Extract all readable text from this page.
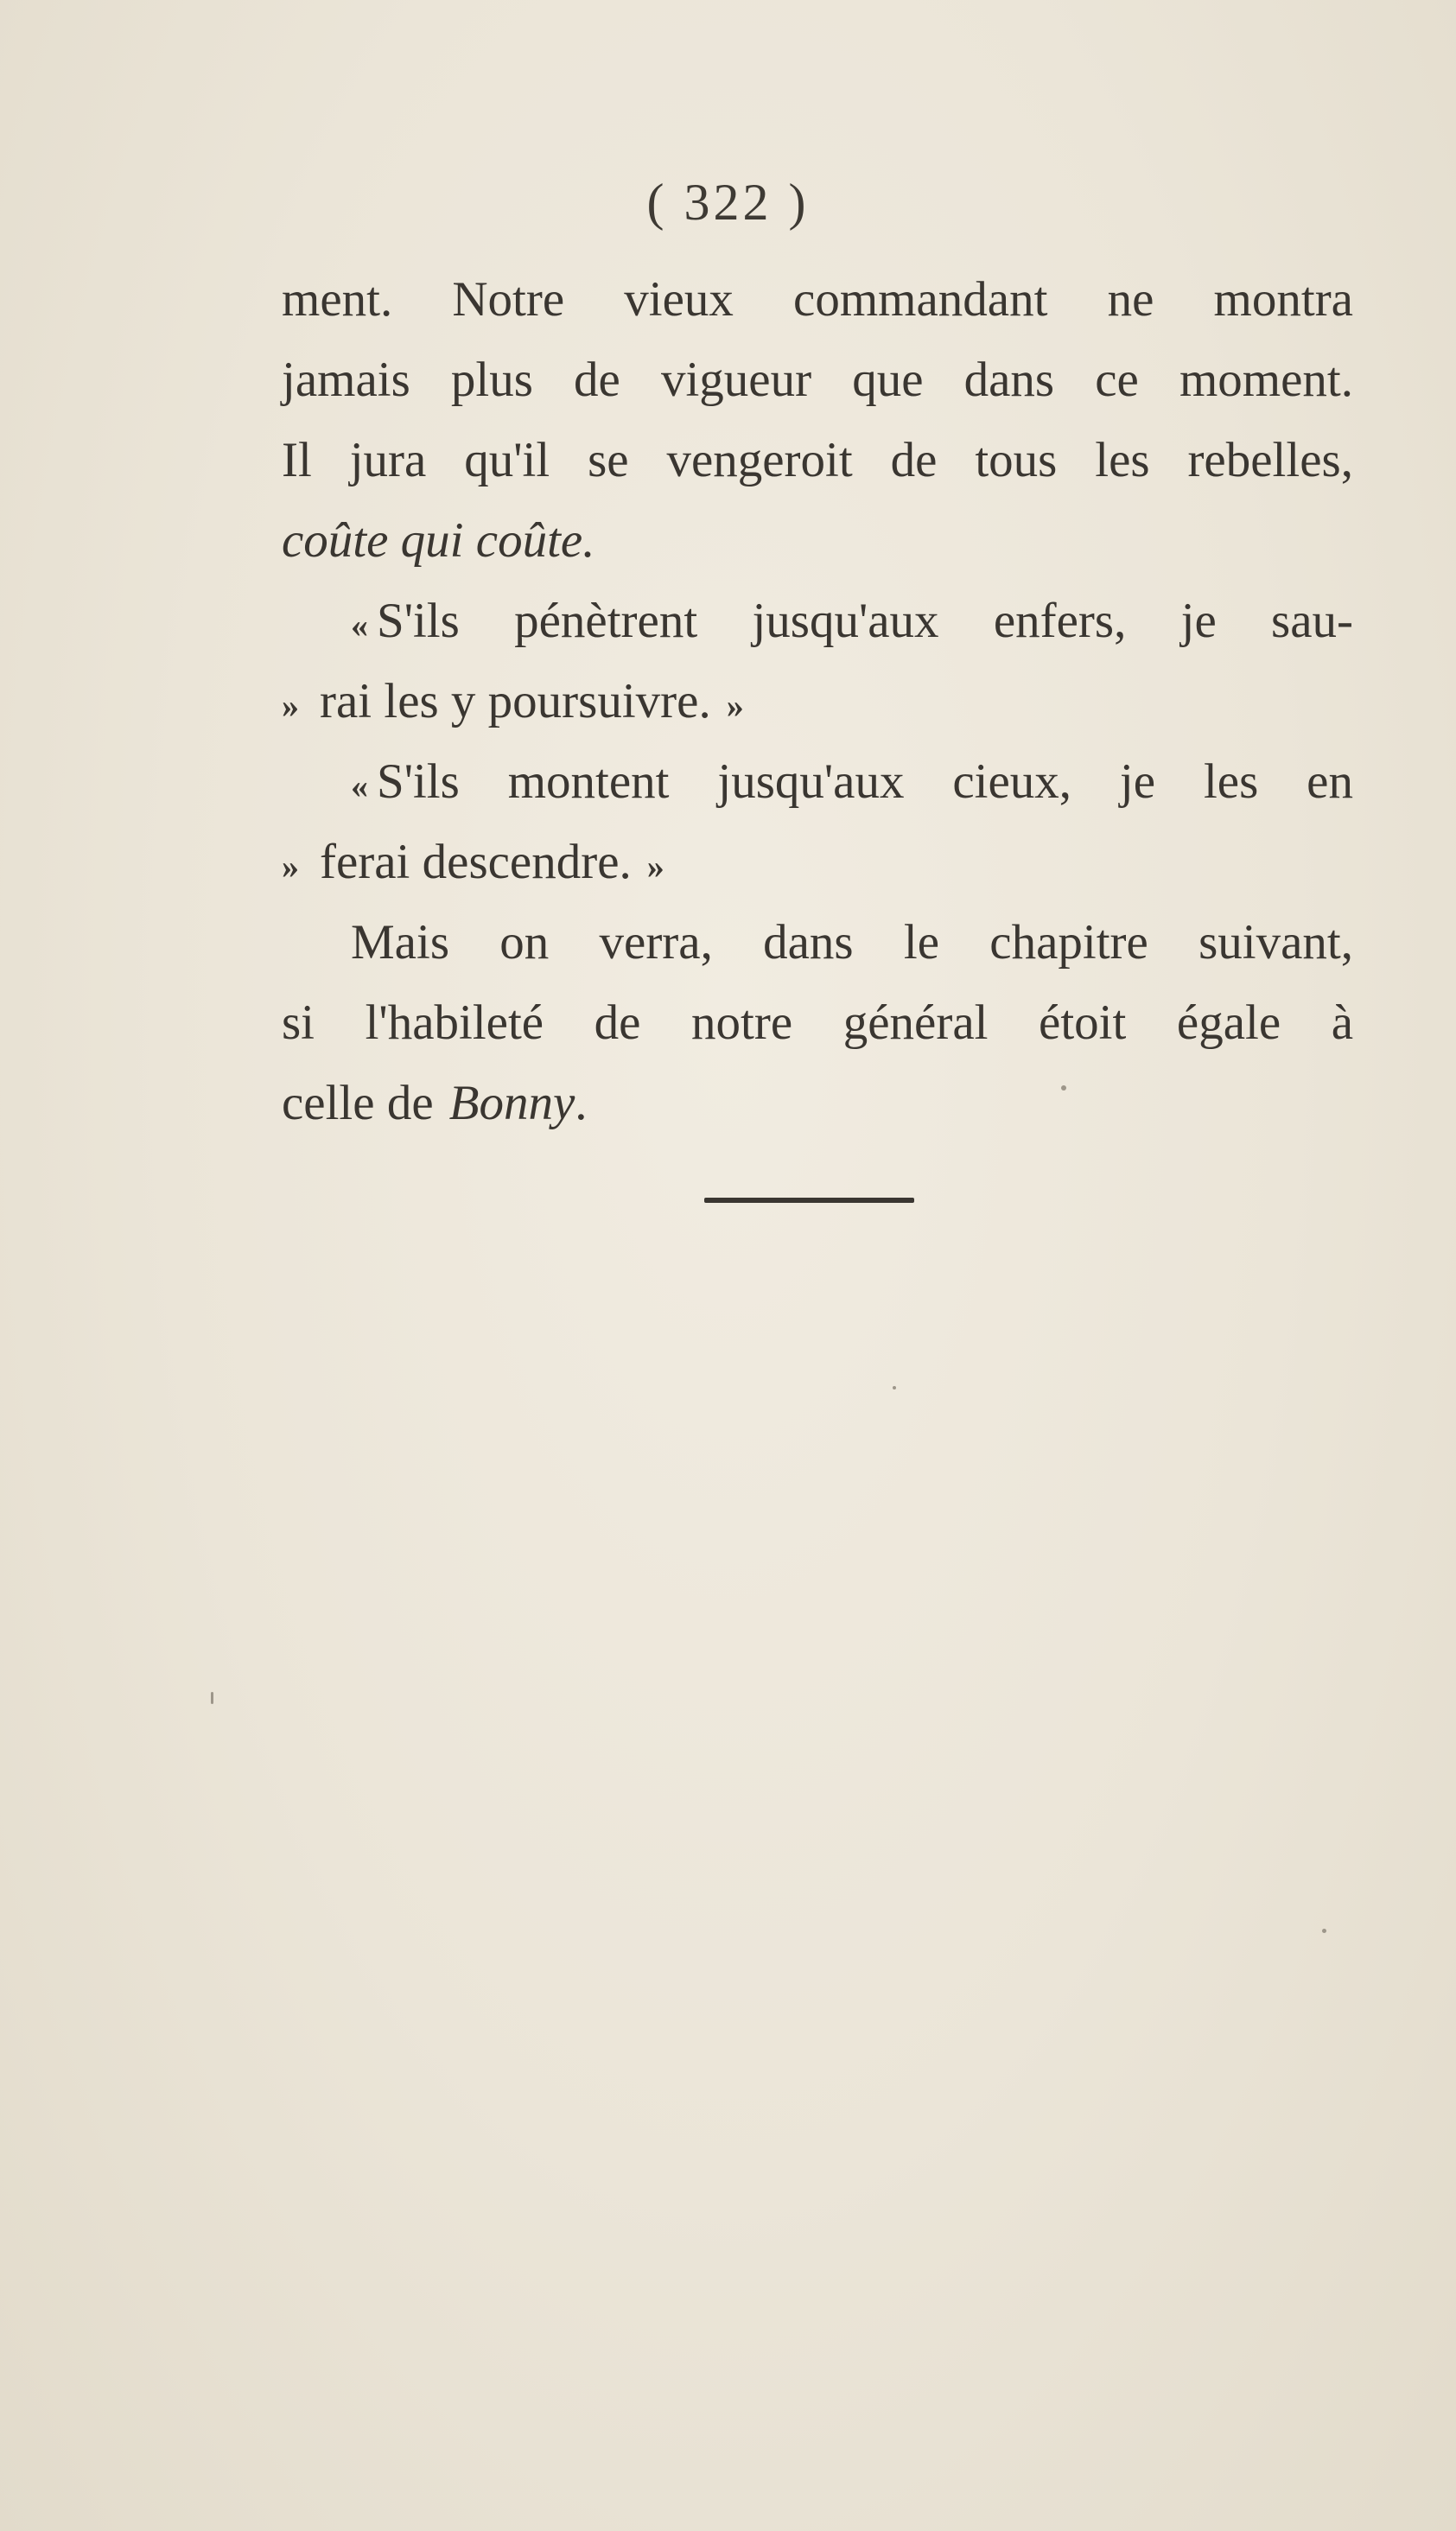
( 322 )
ment. Notre vieux commandant ne montra
jamais plus de vigueur que dans ce moment.
Il jura qu'il se vengeroit de tous les rebelles,
coûte qui coûte.
« S'ils pénètrent jusqu'aux enfers, je sau-
» rai les y poursuivre. »
« S'ils montent jusqu'aux cieux, je les en
» ferai descendre. »
Mais on verra, dans le chapitre suivant,
si l'habileté de notre général étoit égale à
celle de Bonny.
